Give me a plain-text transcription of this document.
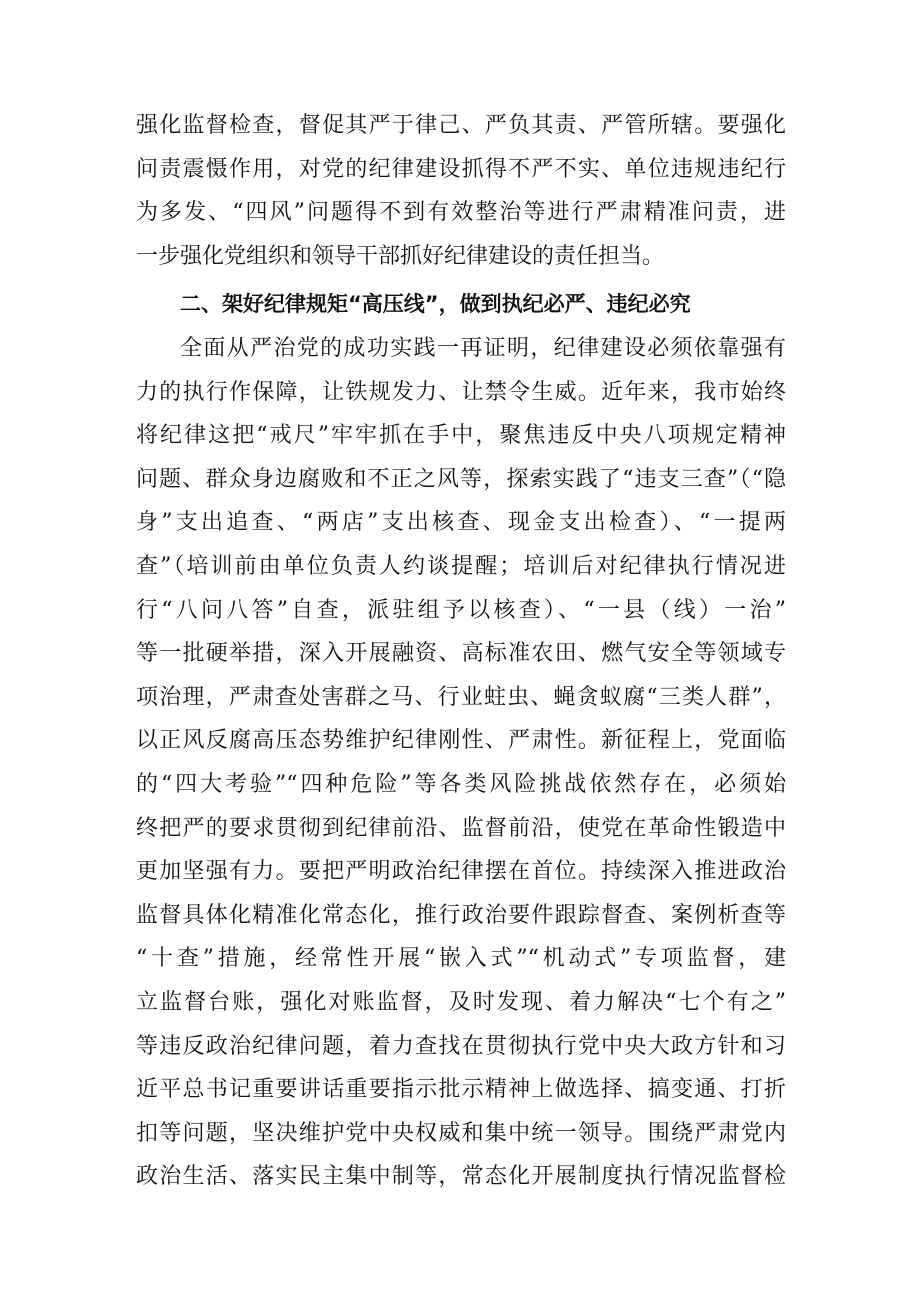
强化监督检查，督促其严于律己、严负其责、严管所辖。要强化
问责震慑作用，对党的纪律建设抓得不严不实、单位违规违纪行
为多发、“四风”问题得不到有效整治等进行严肃精准问责，进
一步强化党组织和领导干部抓好纪律建设的责任担当。
二、架好纪律规矩“高压线”，做到执纪必严、违纪必究
全面从严治党的成功实践一再证明，纪律建设必须依靠强有
力的执行作保障，让铁规发力、让禁令生威。近年来，我市始终
将纪律这把“戒尺”牢牢抓在手中，聚焦违反中央八项规定精神
问题、群众身边腐败和不正之风等，探索实践了“违支三查”（“隐
身”支出追查、“两店”支出核查、现金支出检查）、“一提两
查”（培训前由单位负责人约谈提醒；培训后对纪律执行情况进
行“八问八答”自查，派驻组予以核查）、“一县（线）一治”
等一批硬举措，深入开展融资、高标准农田、燃气安全等领域专
项治理，严肃查处害群之马、行业蛀虫、蝇贪蚁腐“三类人群”，
以正风反腐高压态势维护纪律刚性、严肃性。新征程上，党面临
的“四大考验”“四种危险”等各类风险挑战依然存在，必须始
终把严的要求贯彻到纪律前沿、监督前沿，使党在革命性锻造中
更加坚强有力。要把严明政治纪律摆在首位。持续深入推进政治
监督具体化精准化常态化，推行政治要件跟踪督查、案例析查等
“十查”措施，经常性开展“嵌入式”“机动式”专项监督，建
立监督台账，强化对账监督，及时发现、着力解决“七个有之”
等违反政治纪律问题，着力查找在贯彻执行党中央大政方针和习
近平总书记重要讲话重要指示批示精神上做选择、搞变通、打折
扣等问题，坚决维护党中央权威和集中统一领导。围绕严肃党内
政治生活、落实民主集中制等，常态化开展制度执行情况监督检
